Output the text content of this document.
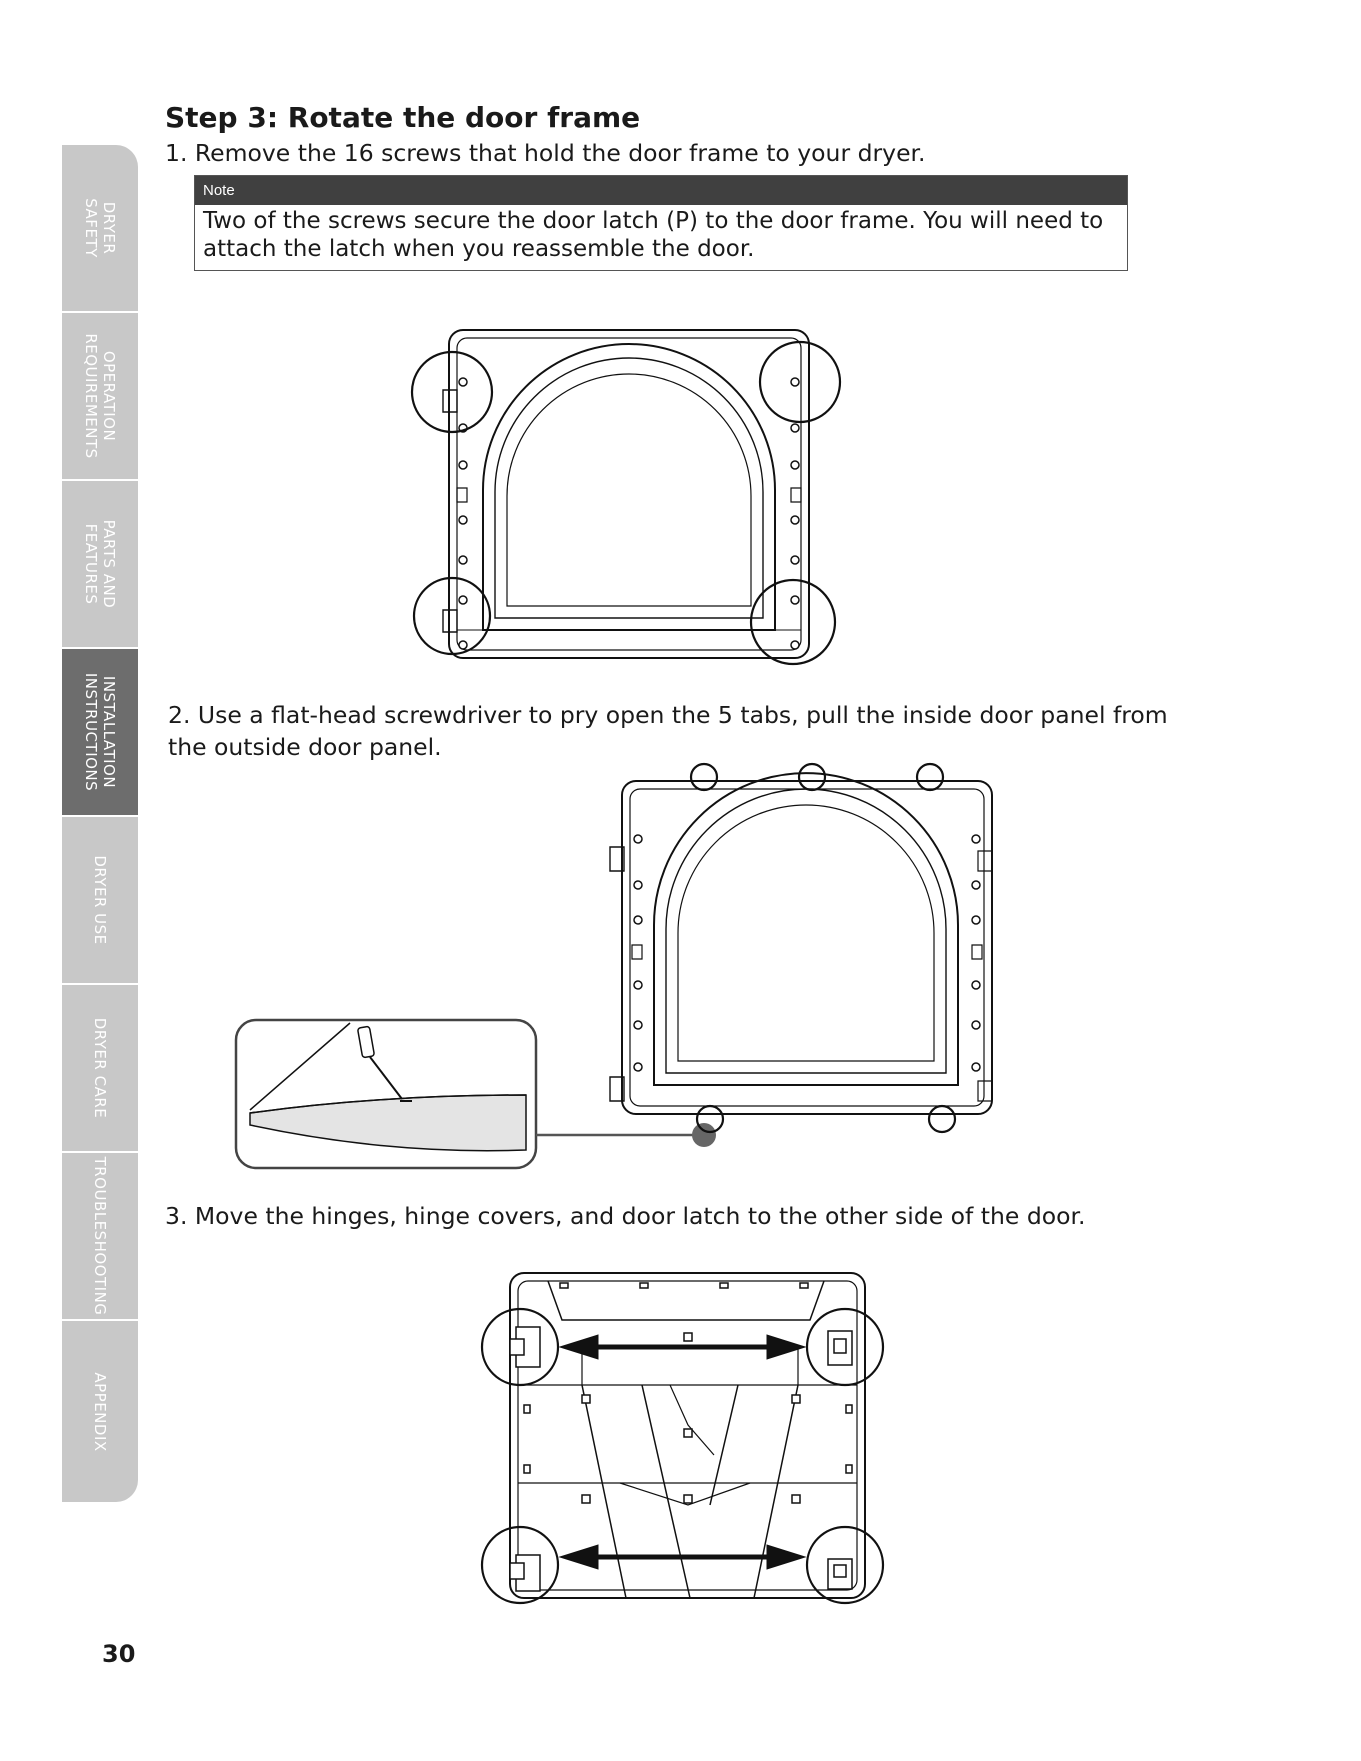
DRYER
SAFETY
OPERATION
REQUIREMENTS
PARTS AND
FEATURES
INSTALLATION
INSTRUCTIONS
DRYER USE
DRYER CARE
TROUBLESHOOTING
APPENDIX
Step 3: Rotate the door frame

1. Remove the 16 screws that hold the door frame to your dryer.

Note
Two of the screws secure the door latch (P) to the door frame. You will need to attach the latch when you reassemble the door.

2. Use a flat-head screwdriver to pry open the 5 tabs, pull the inside door panel from the outside door panel.

3. Move the hinges, hinge covers, and door latch to the other side of the door.

30
